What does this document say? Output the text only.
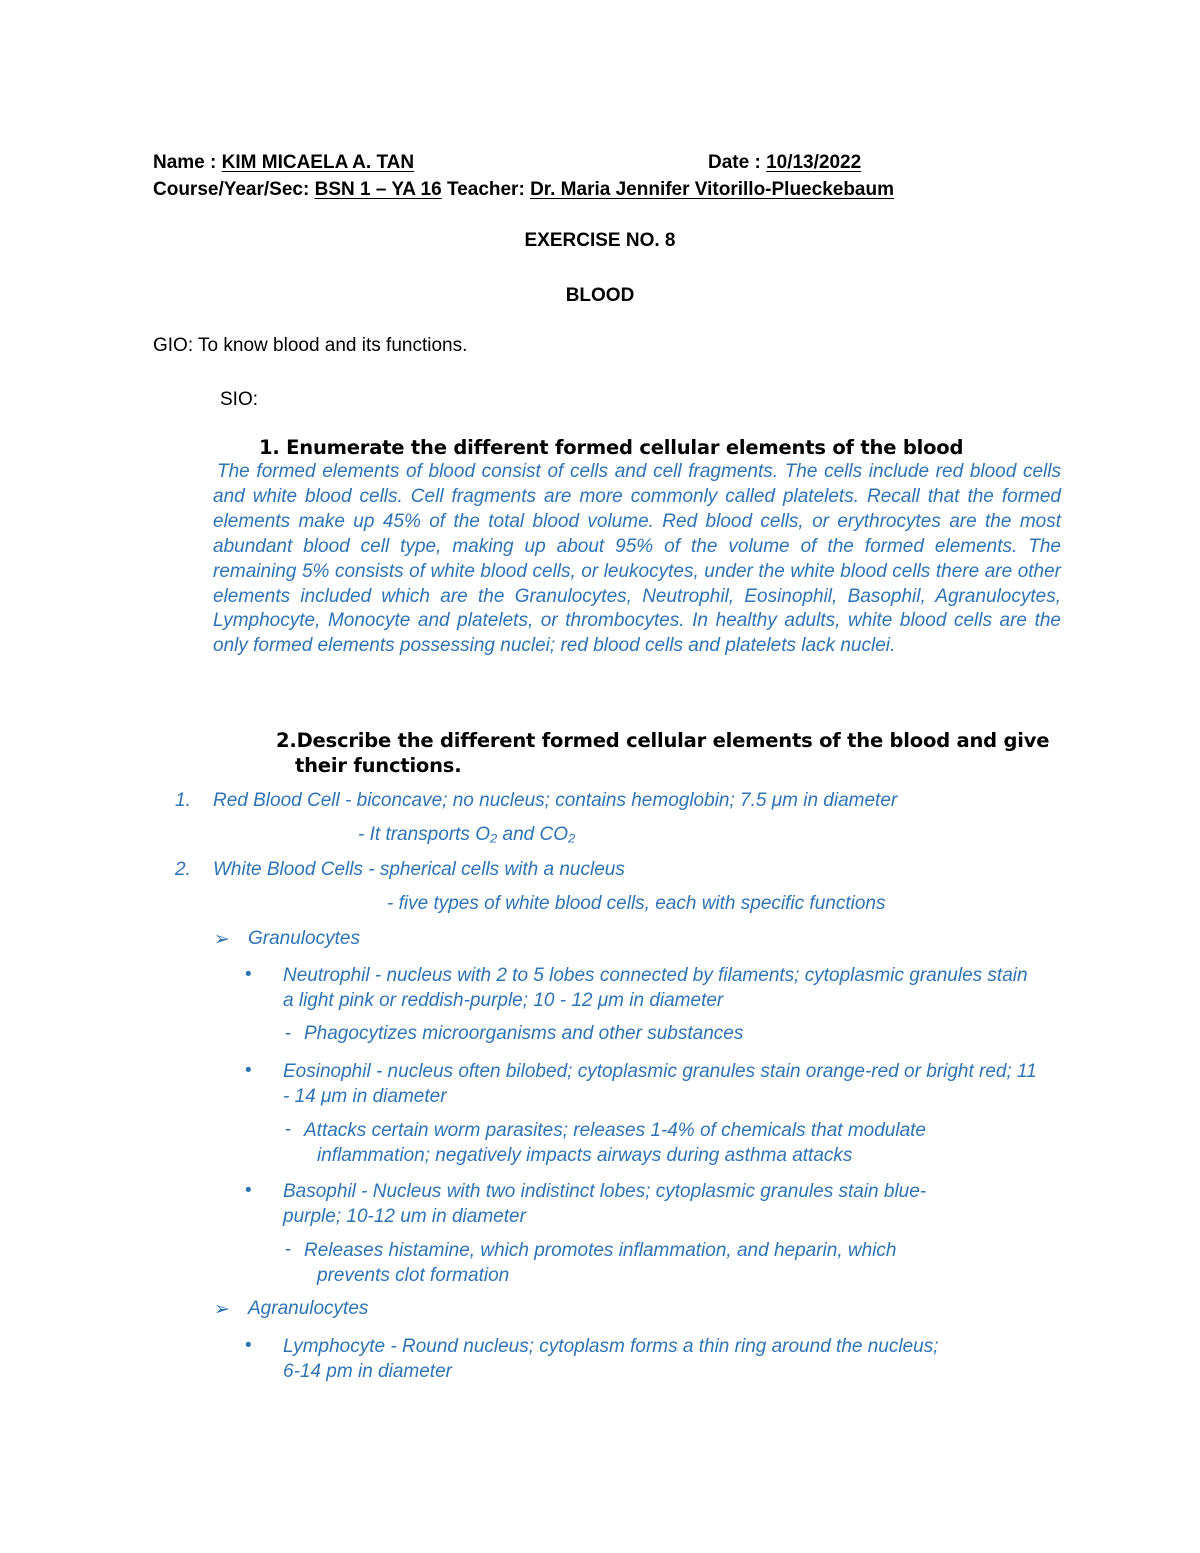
Name : KIM MICAELA A. TAN	Date : 10/13/2022
Course/Year/Sec: BSN 1 – YA 16 Teacher: Dr. Maria Jennifer Vitorillo-Plueckebaum
EXERCISE NO. 8
BLOOD
GIO: To know blood and its functions.
SIO:
1. Enumerate the different formed cellular elements of the blood
The formed elements of blood consist of cells and cell fragments. The cells include red blood cells and white blood cells. Cell fragments are more commonly called platelets. Recall that the formed elements make up 45% of the total blood volume. Red blood cells, or erythrocytes are the most abundant blood cell type, making up about 95% of the volume of the formed elements. The remaining 5% consists of white blood cells, or leukocytes, under the white blood cells there are other elements included which are the Granulocytes, Neutrophil, Eosinophil, Basophil, Agranulocytes, Lymphocyte, Monocyte and platelets, or thrombocytes. In healthy adults, white blood cells are the only formed elements possessing nuclei; red blood cells and platelets lack nuclei.
2.Describe the different formed cellular elements of the blood and give
their functions.
1. Red Blood Cell - biconcave; no nucleus; contains hemoglobin; 7.5 μm in diameter
- It transports O₂ and CO₂
2. White Blood Cells - spherical cells with a nucleus
- five types of white blood cells, each with specific functions
➢ Granulocytes
• Neutrophil - nucleus with 2 to 5 lobes connected by filaments; cytoplasmic granules stain a light pink or reddish-purple; 10 - 12 μm in diameter
- Phagocytizes microorganisms and other substances
• Eosinophil - nucleus often bilobed; cytoplasmic granules stain orange-red or bright red; 11 - 14 μm in diameter
- Attacks certain worm parasites; releases 1-4% of chemicals that modulate
inflammation; negatively impacts airways during asthma attacks
• Basophil - Nucleus with two indistinct lobes; cytoplasmic granules stain blue-
purple; 10-12 um in diameter
- Releases histamine, which promotes inflammation, and heparin, which
prevents clot formation
➢ Agranulocytes
• Lymphocyte - Round nucleus; cytoplasm forms a thin ring around the nucleus;
6-14 pm in diameter
